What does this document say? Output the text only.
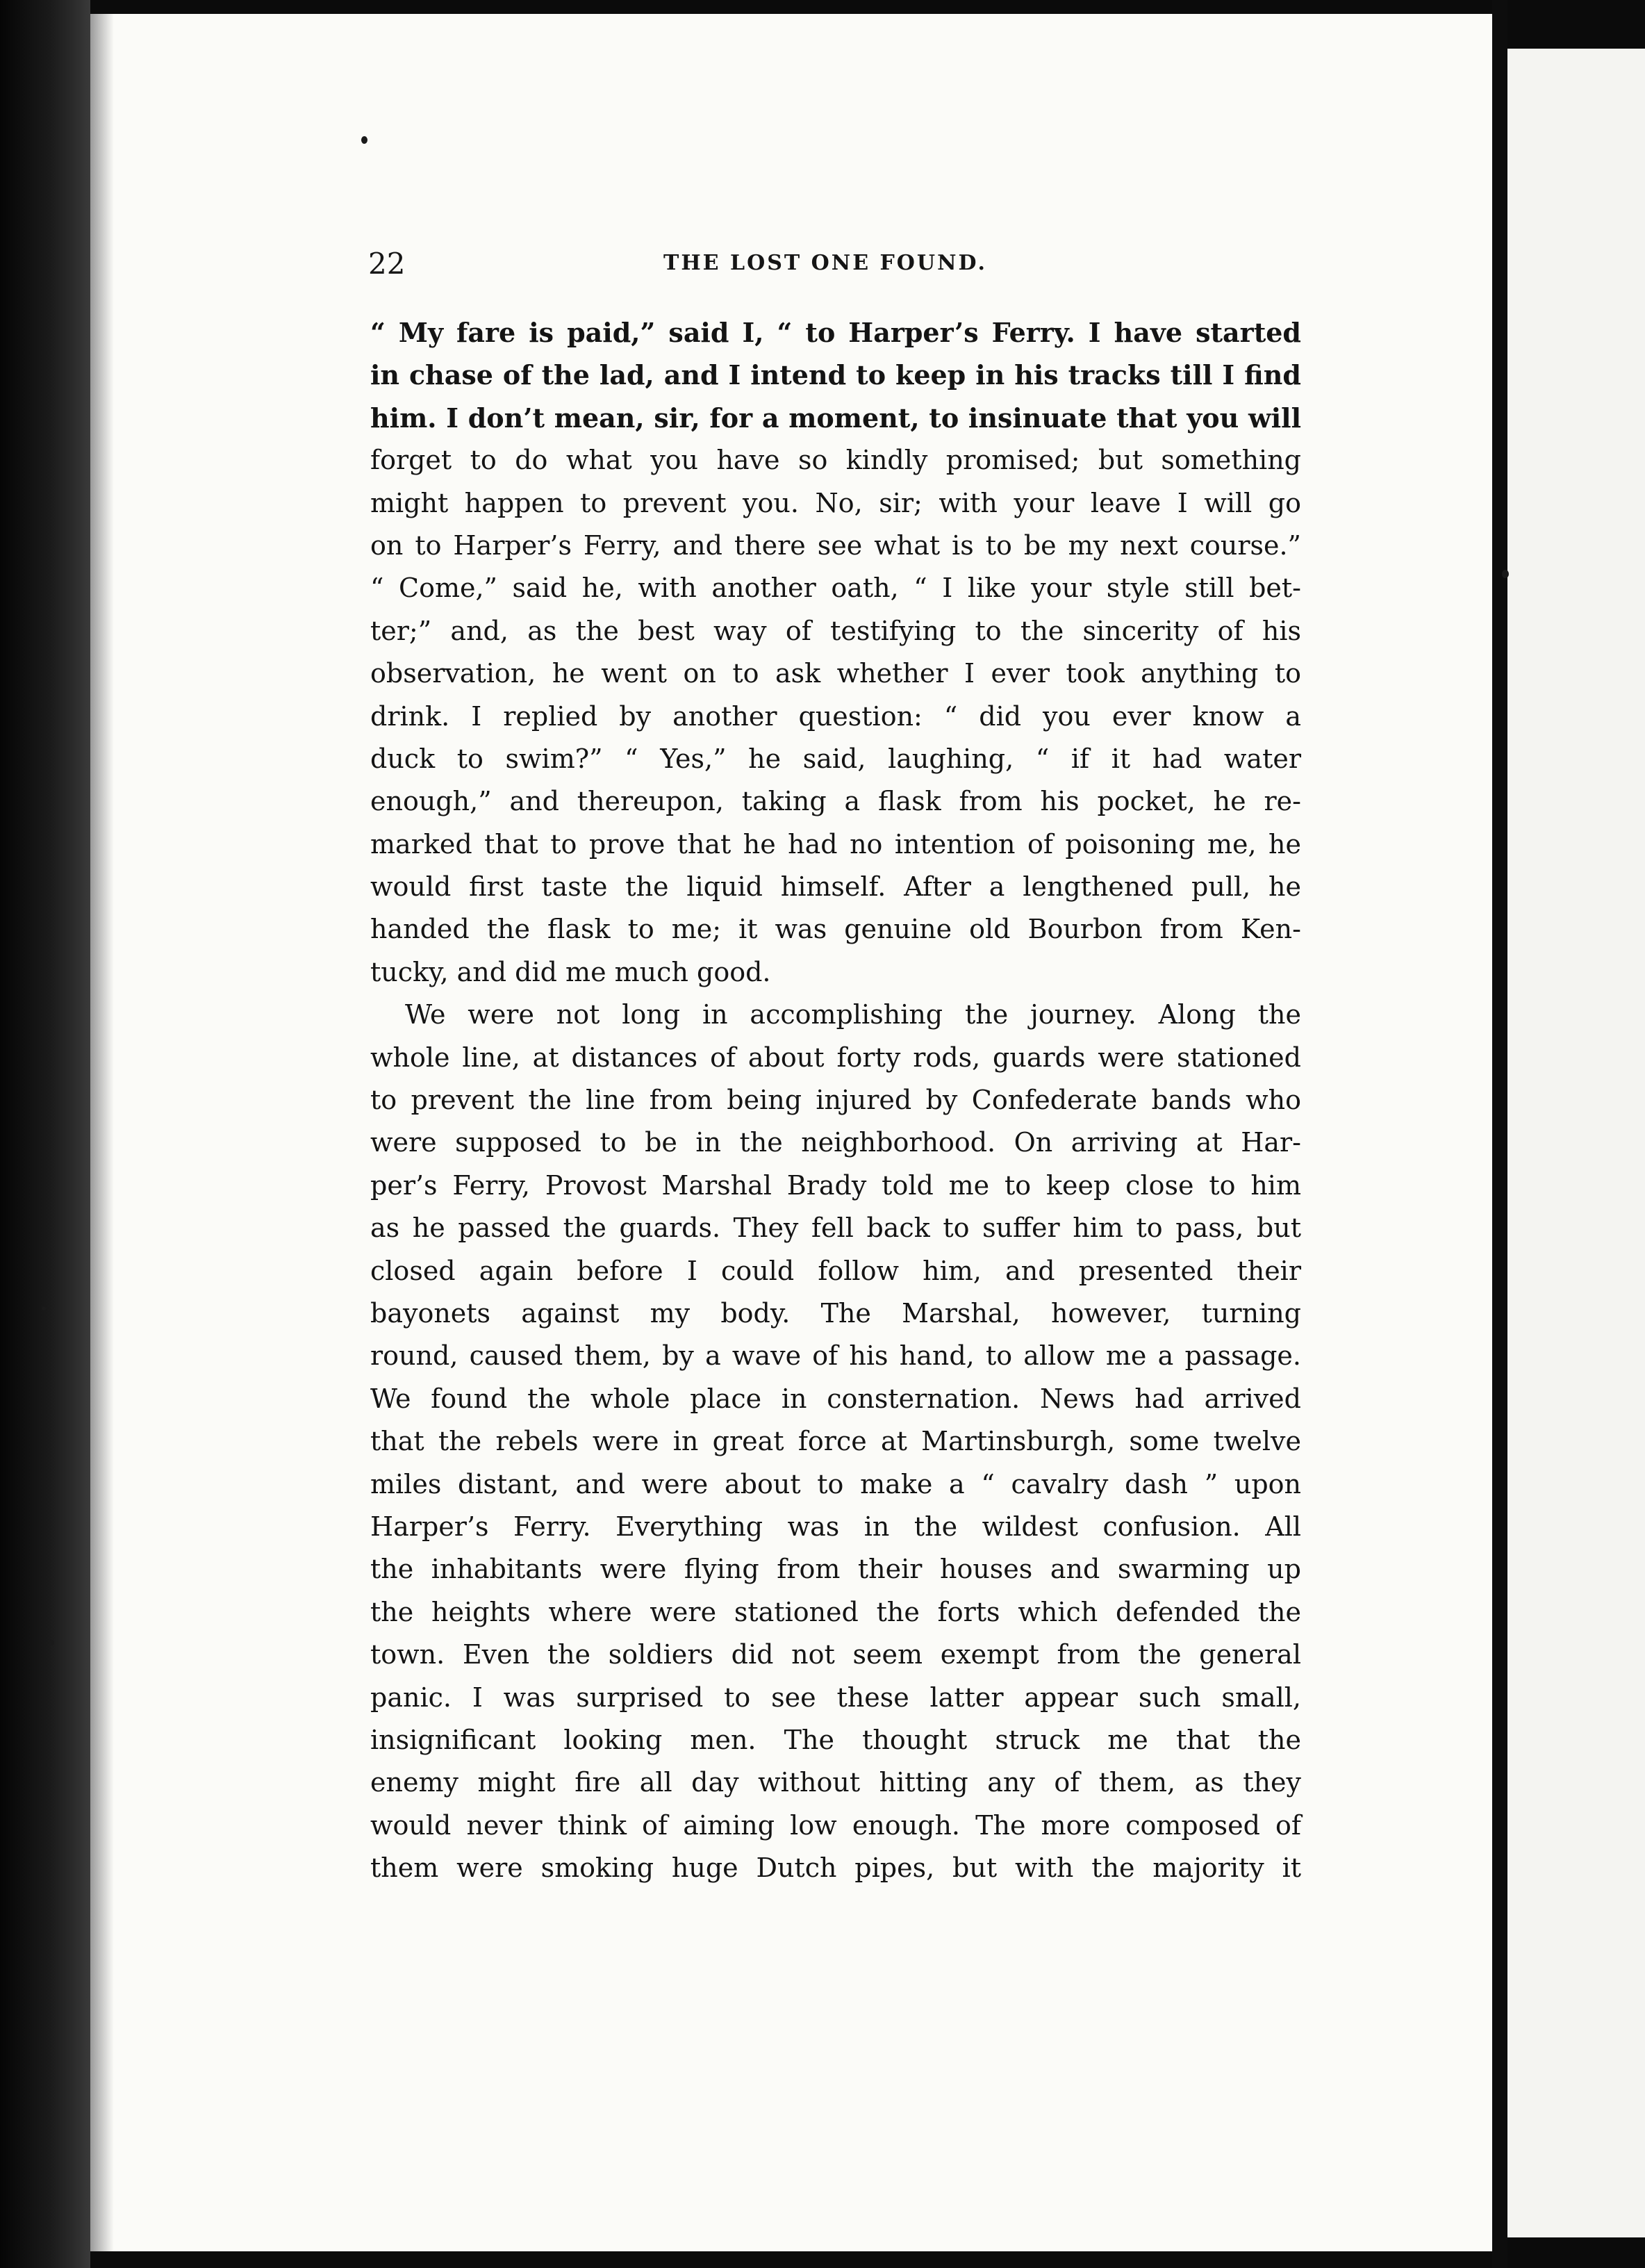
22	THE LOST ONE FOUND.
“ My fare is paid,” said I, “ to Harper’s Ferry. I have started
in chase of the lad, and I intend to keep in his tracks till I find
him. I don’t mean, sir, for a moment, to insinuate that you will
forget to do what you have so kindly promised; but something
might happen to prevent you. No, sir; with your leave I will go
on to Harper’s Ferry, and there see what is to be my next course.”
“ Come,” said he, with another oath, “ I like your style still bet-
ter;” and, as the best way of testifying to the sincerity of his
observation, he went on to ask whether I ever took anything to
drink. I replied by another question: “ did you ever know a
duck to swim?” “ Yes,” he said, laughing, “ if it had water
enough,” and thereupon, taking a flask from his pocket, he re-
marked that to prove that he had no intention of poisoning me, he
would first taste the liquid himself. After a lengthened pull, he
handed the flask to me; it was genuine old Bourbon from Ken-
tucky, and did me much good.
We were not long in accomplishing the journey. Along the
whole line, at distances of about forty rods, guards were stationed
to prevent the line from being injured by Confederate bands who
were supposed to be in the neighborhood. On arriving at Har-
per’s Ferry, Provost Marshal Brady told me to keep close to him
as he passed the guards. They fell back to suffer him to pass, but
closed again before I could follow him, and presented their
bayonets against my body. The Marshal, however, turning
round, caused them, by a wave of his hand, to allow me a passage.
We found the whole place in consternation. News had arrived
that the rebels were in great force at Martinsburgh, some twelve
miles distant, and were about to make a “ cavalry dash ” upon
Harper’s Ferry. Everything was in the wildest confusion. All
the inhabitants were flying from their houses and swarming up
the heights where were stationed the forts which defended the
town. Even the soldiers did not seem exempt from the general
panic. I was surprised to see these latter appear such small,
insignificant looking men. The thought struck me that the
enemy might fire all day without hitting any of them, as they
would never think of aiming low enough. The more composed of
them were smoking huge Dutch pipes, but with the majority it
